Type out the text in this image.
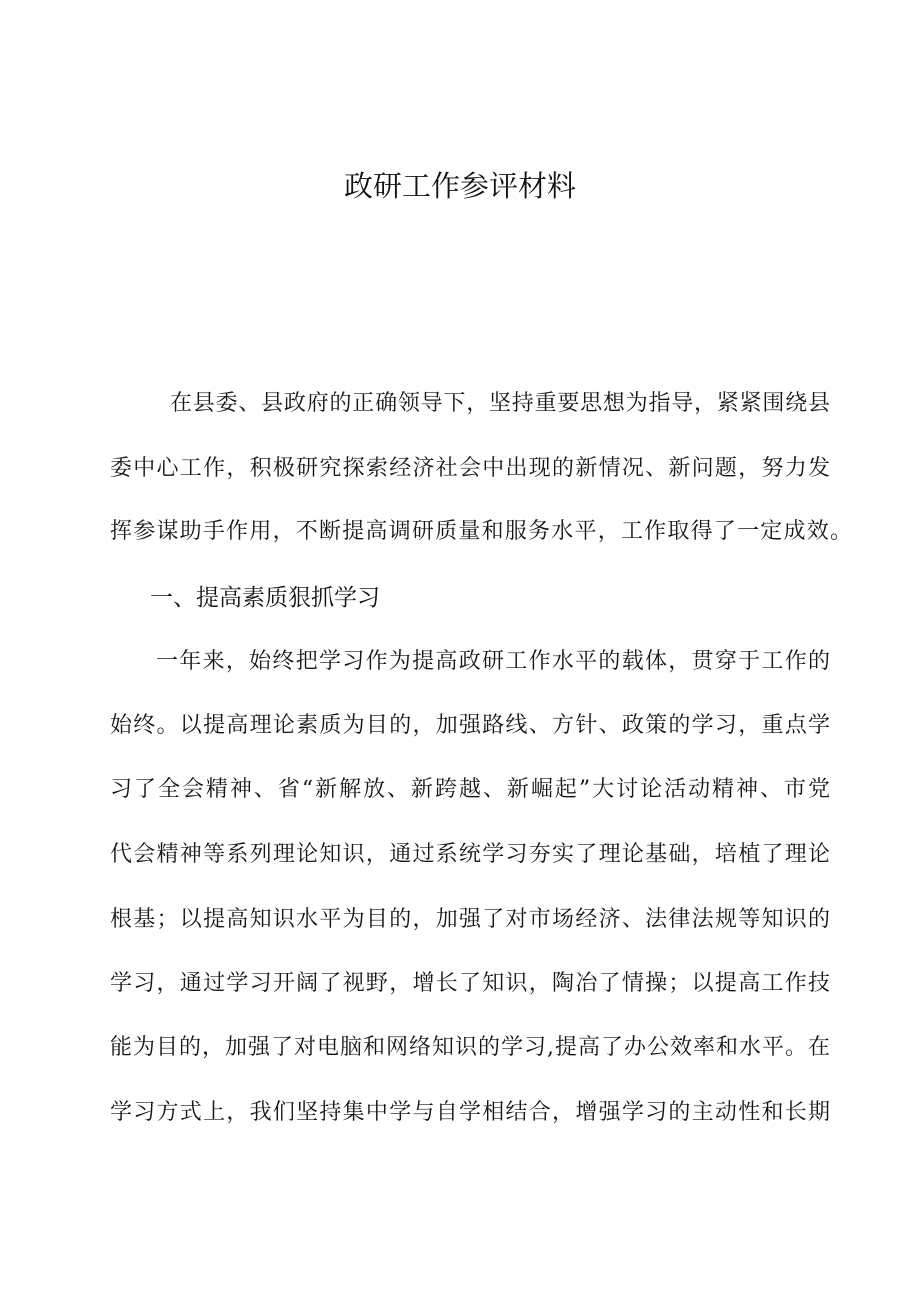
政研工作参评材料
在县委、县政府的正确领导下，坚持重要思想为指导，紧紧围绕县
委中心工作，积极研究探索经济社会中出现的新情况、新问题，努力发
挥参谋助手作用，不断提高调研质量和服务水平，工作取得了一定成效。
一、提高素质狠抓学习
一年来，始终把学习作为提高政研工作水平的载体，贯穿于工作的
始终。以提高理论素质为目的，加强路线、方针、政策的学习，重点学
习了全会精神、省“新解放、新跨越、新崛起”大讨论活动精神、市党
代会精神等系列理论知识，通过系统学习夯实了理论基础，培植了理论
根基；以提高知识水平为目的，加强了对市场经济、法律法规等知识的
学习，通过学习开阔了视野，增长了知识，陶冶了情操；以提高工作技
能为目的，加强了对电脑和网络知识的学习,提高了办公效率和水平。在
学习方式上，我们坚持集中学与自学相结合，增强学习的主动性和长期
